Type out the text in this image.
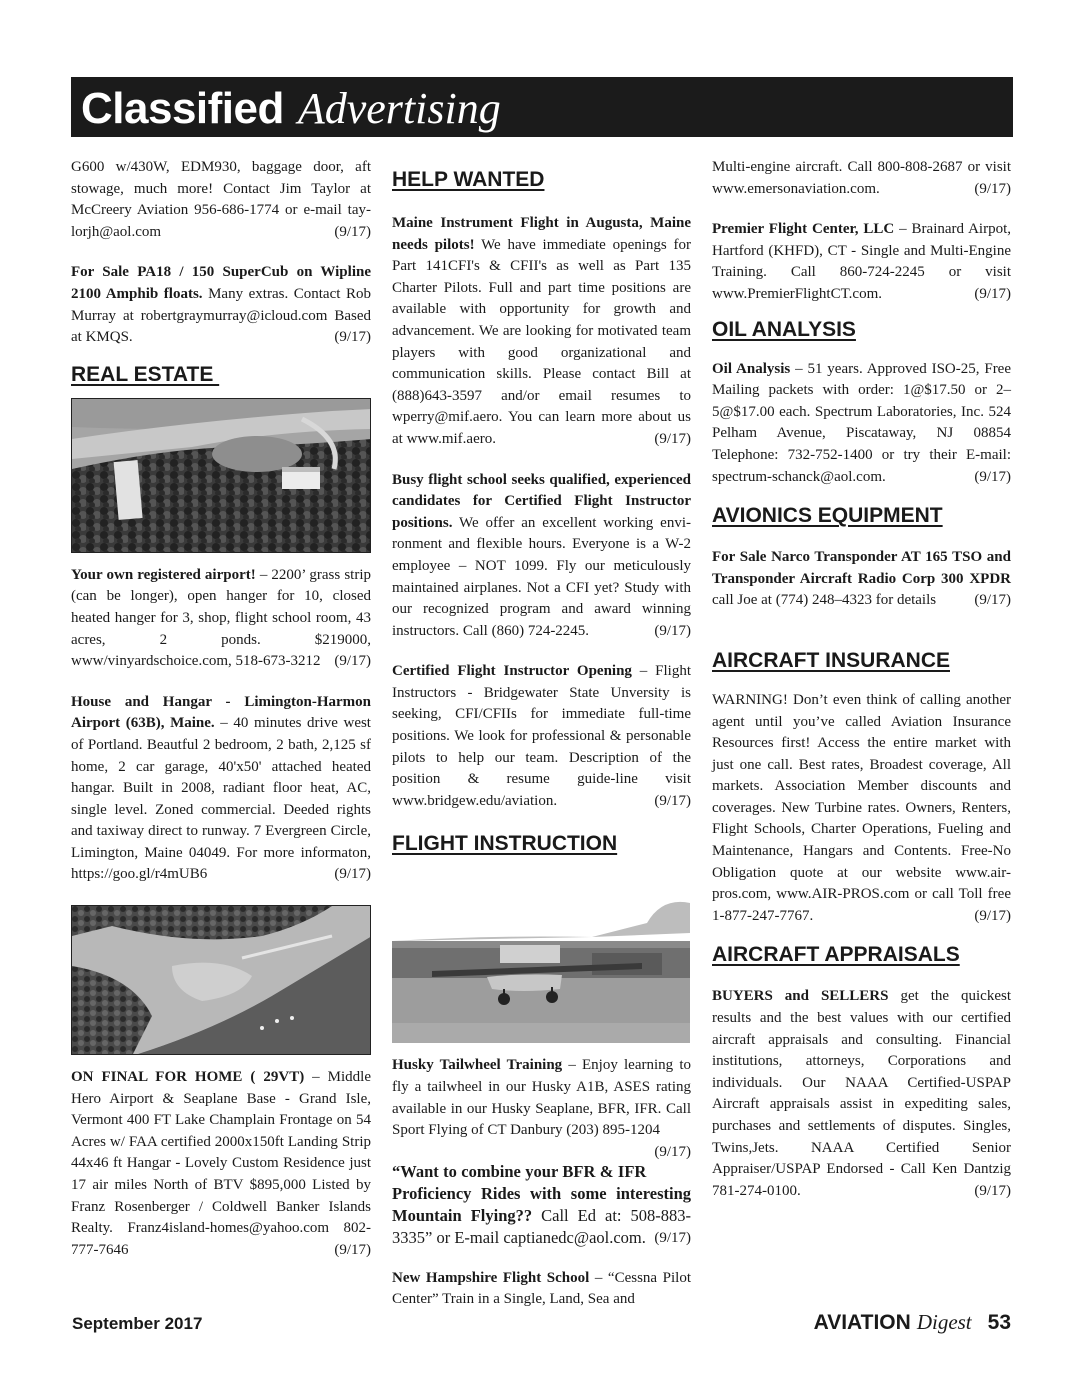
Classified Advertising

G600 w/430W, EDM930, baggage door, aft stowage, much more! Contact Jim Taylor at McCreery Aviation 956-686-1774 or e-mail tay-lorjh@aol.com	(9/17)

For Sale PA18 / 150 SuperCub on Wipline 2100 Amphib floats. Many extras. Contact Rob Murray at robertgraymurray@icloud.com Based at KMQS.	(9/17)

REAL ESTATE

Your own registered airport! – 2200’ grass strip (can be longer), open hanger for 10, closed heated hanger for 3, shop, flight school room, 43 acres, 2 ponds. $219000, www/vinyardschoice.com, 518-673-3212 (9/17)

House and Hangar - Limington-Harmon Airport (63B), Maine. – 40 minutes drive west of Portland. Beautful 2 bedroom, 2 bath, 2,125 sf home, 2 car garage, 40'x50' attached heated hangar. Built in 2008, radiant floor heat, AC, single level. Zoned commercial. Deeded rights and taxiway direct to runway. 7 Evergreen Circle, Limington, Maine 04049. For more informaton, https://goo.gl/r4mUB6	(9/17)

ON FINAL FOR HOME ( 29VT) – Middle Hero Airport & Seaplane Base - Grand Isle, Vermont 400 FT Lake Champlain Frontage on 54 Acres w/ FAA certified 2000x150ft Landing Strip 44x46 ft Hangar - Lovely Custom Residence just 17 air miles North of BTV $895,000 Listed by Franz Rosenberger / Coldwell Banker Islands Realty. Franz4island-homes@yahoo.com 802-777-7646	(9/17)

HELP WANTED

Maine Instrument Flight in Augusta, Maine needs pilots! We have immediate openings for Part 141CFI's & CFII's as well as Part 135 Charter Pilots. Full and part time positions are available with opportunity for growth and advancement. We are looking for motivated team players with good organizational and communication skills. Please contact Bill at (888)643-3597 and/or email resumes to wperry@mif.aero. You can learn more about us at www.mif.aero.	(9/17)

Busy flight school seeks qualified, experienced candidates for Certified Flight Instructor positions. We offer an excellent working envi-ronment and flexible hours. Everyone is a W-2 employee – NOT 1099. Fly our meticulously maintained airplanes. Not a CFI yet? Study with our recognized program and award winning instructors. Call (860) 724-2245.	(9/17)

Certified Flight Instructor Opening – Flight Instructors - Bridgewater State Unversity is seeking, CFI/CFIIs for immediate full-time positions. We look for professional & personable pilots to help our team. Description of the position & resume guide-line visit www.bridgew.edu/aviation.	(9/17)

FLIGHT INSTRUCTION

Husky Tailwheel Training – Enjoy learning to fly a tailwheel in our Husky A1B, ASES rating available in our Husky Seaplane, BFR, IFR. Call Sport Flying of CT Danbury (203) 895-1204
(9/17)

“Want to combine your BFR & IFR Proficiency Rides with some interesting Mountain Flying?? Call Ed at: 508-883-3335” or E-mail captianedc@aol.com. (9/17)

New Hampshire Flight School – “Cessna Pilot Center” Train in a Single, Land, Sea and

Multi-engine aircraft. Call 800-808-2687 or visit www.emersonaviation.com.	(9/17)

Premier Flight Center, LLC – Brainard Airpot, Hartford (KHFD), CT - Single and Multi-Engine Training. Call 860-724-2245 or visit www.PremierFlightCT.com.	(9/17)

OIL ANALYSIS

Oil Analysis – 51 years. Approved ISO-25, Free Mailing packets with order: 1@$17.50 or 2–5@$17.00 each. Spectrum Laboratories, Inc. 524 Pelham Avenue, Piscataway, NJ 08854 Telephone: 732-752-1400 or try their E-mail: spectrum-schanck@aol.com.	(9/17)

AVIONICS EQUIPMENT

For Sale Narco Transponder AT 165 TSO and Transponder Aircraft Radio Corp 300 XPDR call Joe at (774) 248–4323 for details	(9/17)

AIRCRAFT INSURANCE

WARNING! Don’t even think of calling another agent until you’ve called Aviation Insurance Resources first! Access the entire market with just one call. Best rates, Broadest coverage, All markets. Association Member discounts and coverages. New Turbine rates. Owners, Renters, Flight Schools, Charter Operations, Fueling and Maintenance, Hangars and Contents. Free-No Obligation quote at our website www.air-pros.com, www.AIR-PROS.com or call Toll free 1-877-247-7767.	(9/17)

AIRCRAFT APPRAISALS

BUYERS and SELLERS get the quickest results and the best values with our certified aircraft appraisals and consulting. Financial institutions, attorneys, Corporations and individuals. Our NAAA Certified-USPAP Aircraft appraisals assist in expediting sales, purchases and settlements of disputes. Singles, Twins,Jets. NAAA Certified Senior Appraiser/USPAP Endorsed - Call Ken Dantzig 781-274-0100.	(9/17)

September 2017	AVIATION Digest 53
